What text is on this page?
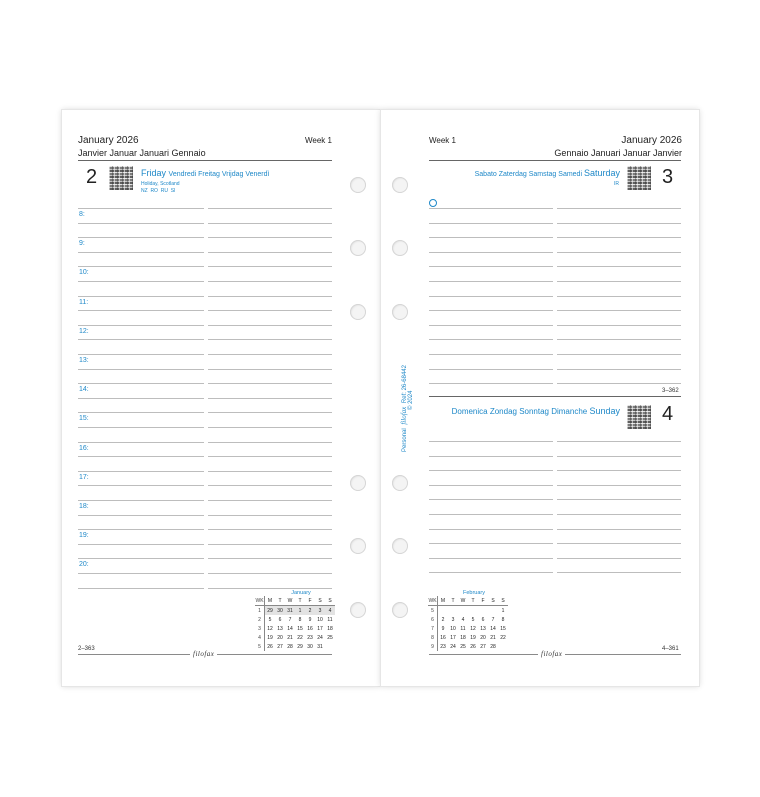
January 2026
Janvier Januar Januari Gennaio
Week 1
2	Friday Vendredi Freitag Vrijdag Venerdì
Holiday, Scotland
NZ  RO  RU  SI
8:
9:
10:
11:
12:
13:
14:
15:
16:
17:
18:
19:
20:
January
WK	M	T	W	T	F	S	S
1	29	30	31	1	2	3	4
2	5	6	7	8	9	10	11
3	12	13	14	15	16	17	18
4	19	20	21	22	23	24	25
5	26	27	28	29	30	31	
2–363
filofax
Week 1	January 2026
Gennaio Januari Januar Janvier
Sabato Zaterdag Samstag Samedi Saturday
IR 3
3–362
Domenica Zondag Sonntag Dimanche Sunday 4
February
WK	M	T	W	T	F	S	S
5							1
6	2	3	4	5	6	7	8
7	9	10	11	12	13	14	15
8	16	17	18	19	20	21	22
9	23	24	25	26	27	28		4–361
filofax
Personal filofax Ref: 26-68442 © 2024
